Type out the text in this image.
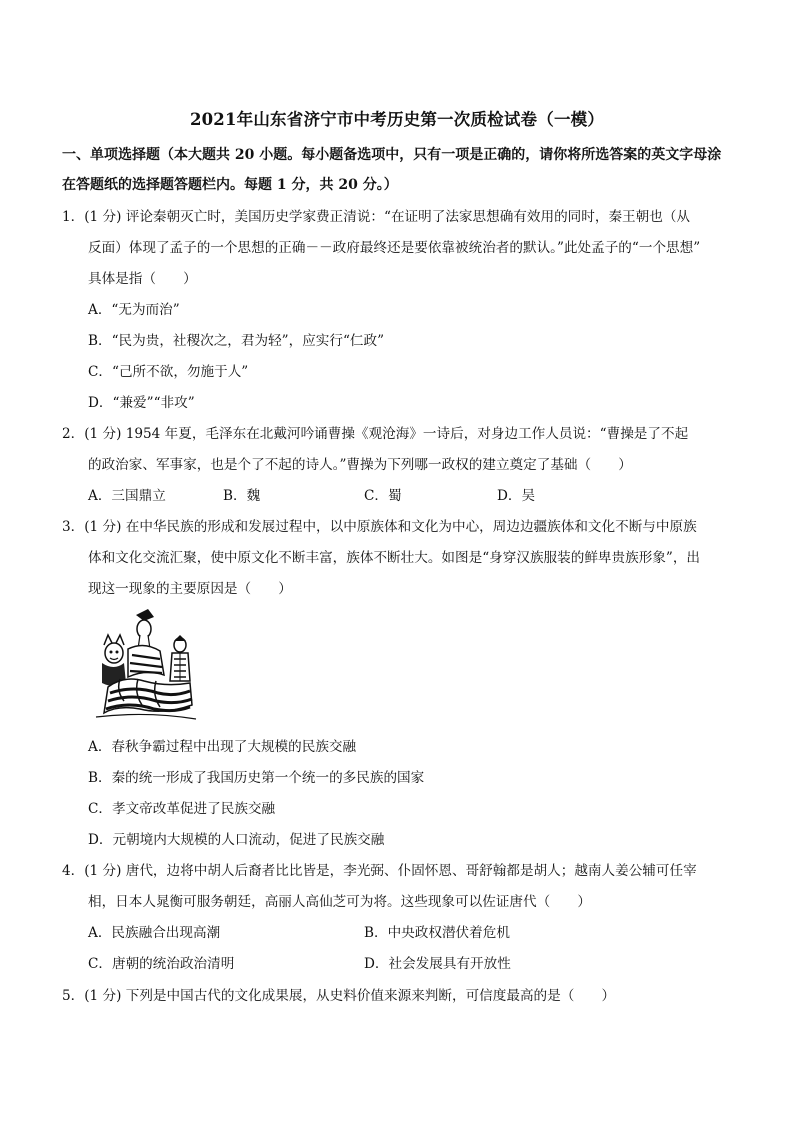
2021年山东省济宁市中考历史第一次质检试卷（一模）
一、单项选择题（本大题共 20 小题。每小题备选项中，只有一项是正确的，请你将所选答案的英文字母涂
在答题纸的选择题答题栏内。每题 1 分，共 20 分。）
1．(1 分) 评论秦朝灭亡时，美国历史学家费正清说：“在证明了法家思想确有效用的同时，秦王朝也（从
反面）体现了孟子的一个思想的正确－－政府最终还是要依靠被统治者的默认。”此处孟子的“一个思想”
具体是指（　　）
A．“无为而治”
B．“民为贵，社稷次之，君为轻”，应实行“仁政”
C．“己所不欲，勿施于人”
D．“兼爱”“非攻”
2．(1 分) 1954 年夏，毛泽东在北戴河吟诵曹操《观沧海》一诗后，对身边工作人员说：“曹操是了不起
的政治家、军事家，也是个了不起的诗人。”曹操为下列哪一政权的建立奠定了基础（　　）
A．三国鼎立	B．魏	C．蜀	D．吴
3．(1 分) 在中华民族的形成和发展过程中，以中原族体和文化为中心，周边边疆族体和文化不断与中原族
体和文化交流汇聚，使中原文化不断丰富，族体不断壮大。如图是“身穿汉族服装的鲜卑贵族形象”，出
现这一现象的主要原因是（　　）
A．春秋争霸过程中出现了大规模的民族交融
B．秦的统一形成了我国历史第一个统一的多民族的国家
C．孝文帝改革促进了民族交融
D．元朝境内大规模的人口流动，促进了民族交融
4．(1 分) 唐代，边将中胡人后裔者比比皆是，李光弼、仆固怀恩、哥舒翰都是胡人；越南人姜公辅可任宰
相，日本人晁衡可服务朝廷，高丽人高仙芝可为将。这些现象可以佐证唐代（　　）
A．民族融合出现高潮	B．中央政权潜伏着危机
C．唐朝的统治政治清明	D．社会发展具有开放性
5．(1 分) 下列是中国古代的文化成果展，从史料价值来源来判断，可信度最高的是（　　）
